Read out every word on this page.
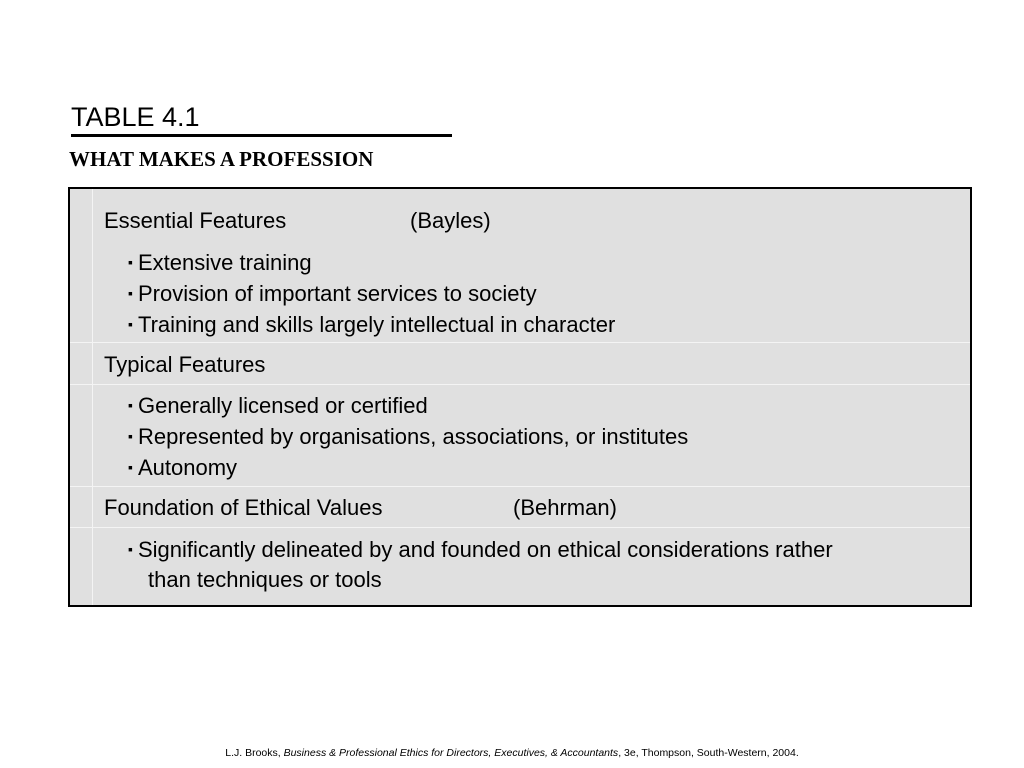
TABLE 4.1
WHAT MAKES A PROFESSION
Essential Features	(Bayles)
▪ Extensive training
▪ Provision of important services to society
▪ Training and skills largely intellectual in character
Typical Features
▪ Generally licensed or certified
▪ Represented by organisations, associations, or institutes
▪ Autonomy
Foundation of Ethical Values	(Behrman)
▪ Significantly delineated by and founded on ethical considerations rather
than techniques or tools
L.J. Brooks, Business & Professional Ethics for Directors, Executives, & Accountants, 3e, Thompson, South-Western, 2004.
